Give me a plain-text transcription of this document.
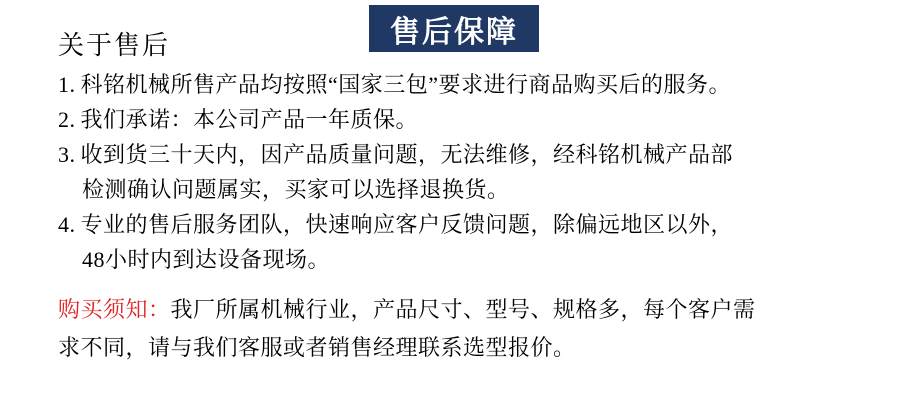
售后保障
关于售后
1. 科铭机械所售产品均按照“国家三包”要求进行商品购买后的服务。
2. 我们承诺：本公司产品一年质保。
3. 收到货三十天内，因产品质量问题，无法维修，经科铭机械产品部
检测确认问题属实，买家可以选择退换货。
4. 专业的售后服务团队，快速响应客户反馈问题，除偏远地区以外，
48小时内到达设备现场。
购买须知：我厂所属机械行业，产品尺寸、型号、规格多，每个客户需
求不同，请与我们客服或者销售经理联系选型报价。
